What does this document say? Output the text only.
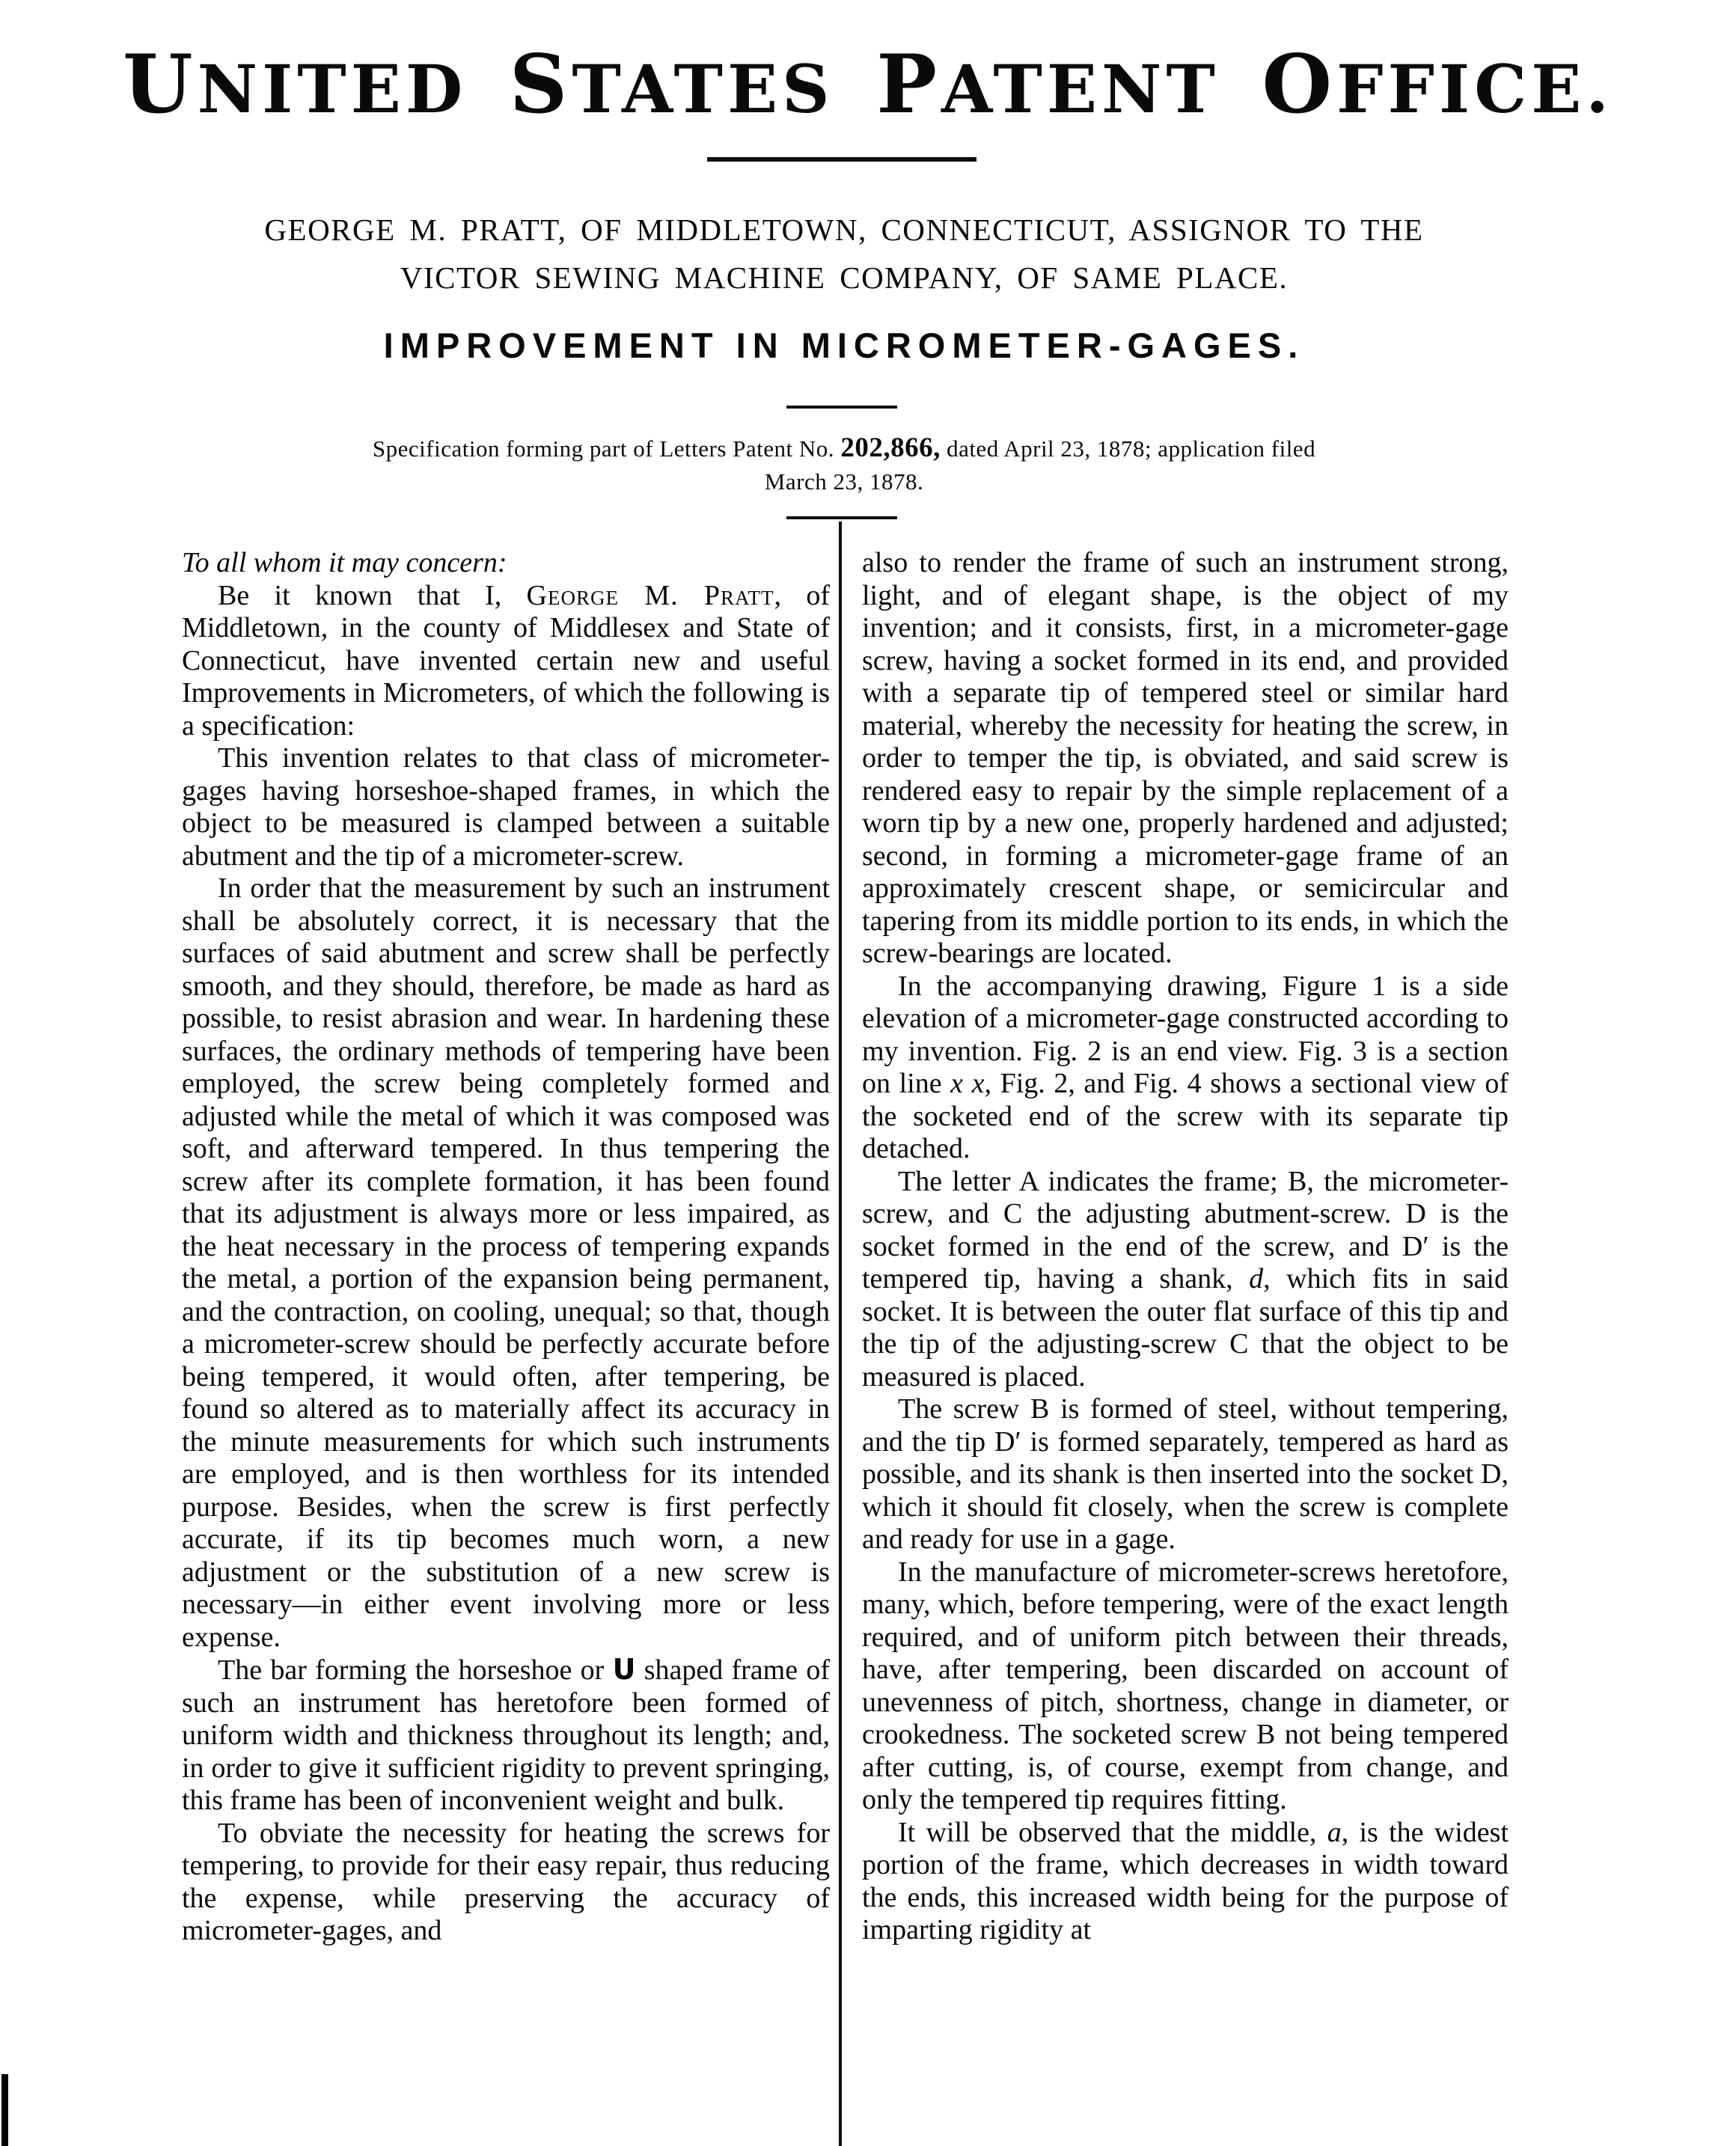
UNITED STATES PATENT OFFICE.
GEORGE M. PRATT, OF MIDDLETOWN, CONNECTICUT, ASSIGNOR TO THE
VICTOR SEWING MACHINE COMPANY, OF SAME PLACE.
IMPROVEMENT IN MICROMETER-GAGES.
Specification forming part of Letters Patent No. 202,866, dated April 23, 1878; application filed
March 23, 1878.

To all whom it may concern:

Be it known that I, George M. Pratt, of Middletown, in the county of Middlesex and State of Connecticut, have invented certain new and useful Improvements in Micrometers, of which the following is a specification:

This invention relates to that class of micrometer-gages having horseshoe-shaped frames, in which the object to be measured is clamped between a suitable abutment and the tip of a micrometer-screw.

In order that the measurement by such an instrument shall be absolutely correct, it is necessary that the surfaces of said abutment and screw shall be perfectly smooth, and they should, therefore, be made as hard as possible, to resist abrasion and wear. In hardening these surfaces, the ordinary methods of tempering have been employed, the screw being completely formed and adjusted while the metal of which it was composed was soft, and afterward tempered. In thus tempering the screw after its complete formation, it has been found that its adjustment is always more or less impaired, as the heat necessary in the process of tempering expands the metal, a portion of the expansion being permanent, and the contraction, on cooling, unequal; so that, though a micrometer-screw should be perfectly accurate before being tempered, it would often, after tempering, be found so altered as to materially affect its accuracy in the minute measurements for which such instruments are employed, and is then worthless for its intended purpose. Besides, when the screw is first perfectly accurate, if its tip becomes much worn, a new adjustment or the substitution of a new screw is necessary—in either event involving more or less expense.

The bar forming the horseshoe or U shaped frame of such an instrument has heretofore been formed of uniform width and thickness throughout its length; and, in order to give it sufficient rigidity to prevent springing, this frame has been of inconvenient weight and bulk.

To obviate the necessity for heating the screws for tempering, to provide for their easy repair, thus reducing the expense, while preserving the accuracy of micrometer-gages, and

also to render the frame of such an instrument strong, light, and of elegant shape, is the object of my invention; and it consists, first, in a micrometer-gage screw, having a socket formed in its end, and provided with a separate tip of tempered steel or similar hard material, whereby the necessity for heating the screw, in order to temper the tip, is obviated, and said screw is rendered easy to repair by the simple replacement of a worn tip by a new one, properly hardened and adjusted; second, in forming a micrometer-gage frame of an approximately crescent shape, or semicircular and tapering from its middle portion to its ends, in which the screw-bearings are located.

In the accompanying drawing, Figure 1 is a side elevation of a micrometer-gage constructed according to my invention. Fig. 2 is an end view. Fig. 3 is a section on line x x, Fig. 2, and Fig. 4 shows a sectional view of the socketed end of the screw with its separate tip detached.

The letter A indicates the frame; B, the micrometer-screw, and C the adjusting abutment-screw. D is the socket formed in the end of the screw, and D′ is the tempered tip, having a shank, d, which fits in said socket. It is between the outer flat surface of this tip and the tip of the adjusting-screw C that the object to be measured is placed.

The screw B is formed of steel, without tempering, and the tip D′ is formed separately, tempered as hard as possible, and its shank is then inserted into the socket D, which it should fit closely, when the screw is complete and ready for use in a gage.

In the manufacture of micrometer-screws heretofore, many, which, before tempering, were of the exact length required, and of uniform pitch between their threads, have, after tempering, been discarded on account of unevenness of pitch, shortness, change in diameter, or crookedness. The socketed screw B not being tempered after cutting, is, of course, exempt from change, and only the tempered tip requires fitting.

It will be observed that the middle, a, is the widest portion of the frame, which decreases in width toward the ends, this increased width being for the purpose of imparting rigidity at
